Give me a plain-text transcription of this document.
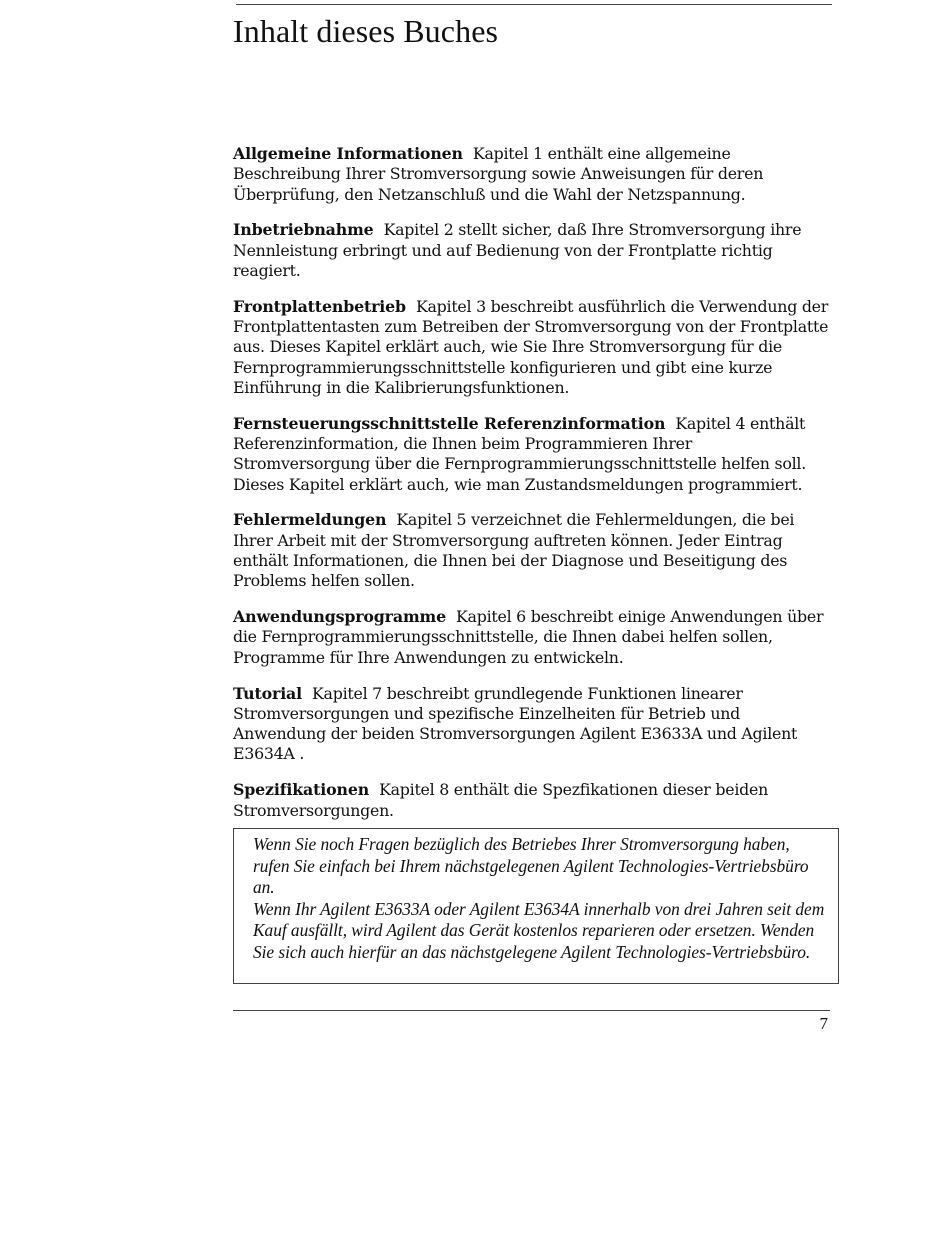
Inhalt dieses Buches

Allgemeine Informationen Kapitel 1 enthält eine allgemeine Beschreibung Ihrer Stromversorgung sowie Anweisungen für deren Überprüfung, den Netzanschluß und die Wahl der Netzspannung.

Inbetriebnahme Kapitel 2 stellt sicher, daß Ihre Stromversorgung ihre Nennleistung erbringt und auf Bedienung von der Frontplatte richtig reagiert.

Frontplattenbetrieb Kapitel 3 beschreibt ausführlich die Verwendung der Frontplattentasten zum Betreiben der Stromversorgung von der Frontplatte aus. Dieses Kapitel erklärt auch, wie Sie Ihre Stromversorgung für die Fernprogrammierungsschnittstelle konfigurieren und gibt eine kurze Einführung in die Kalibrierungsfunktionen.

Fernsteuerungsschnittstelle Referenzinformation Kapitel 4 enthält Referenzinformation, die Ihnen beim Programmieren Ihrer Stromversorgung über die Fernprogrammierungsschnittstelle helfen soll. Dieses Kapitel erklärt auch, wie man Zustandsmeldungen programmiert.

Fehlermeldungen Kapitel 5 verzeichnet die Fehlermeldungen, die bei Ihrer Arbeit mit der Stromversorgung auftreten können. Jeder Eintrag enthält Informationen, die Ihnen bei der Diagnose und Beseitigung des Problems helfen sollen.

Anwendungsprogramme Kapitel 6 beschreibt einige Anwendungen über die Fernprogrammierungsschnittstelle, die Ihnen dabei helfen sollen, Programme für Ihre Anwendungen zu entwickeln.

Tutorial Kapitel 7 beschreibt grundlegende Funktionen linearer Stromversorgungen und spezifische Einzelheiten für Betrieb und Anwendung der beiden Stromversorgungen Agilent E3633A und Agilent E3634A .

Spezifikationen Kapitel 8 enthält die Spezfikationen dieser beiden Stromversorgungen.

Wenn Sie noch Fragen bezüglich des Betriebes Ihrer Stromversorgung haben, rufen Sie einfach bei Ihrem nächstgelegenen Agilent Technologies-Vertriebsbüro an.

Wenn Ihr Agilent E3633A oder Agilent E3634A innerhalb von drei Jahren seit dem Kauf ausfällt, wird Agilent das Gerät kostenlos reparieren oder ersetzen. Wenden Sie sich auch hierfür an das nächstgelegene Agilent Technologies-Vertriebsbüro.

7
